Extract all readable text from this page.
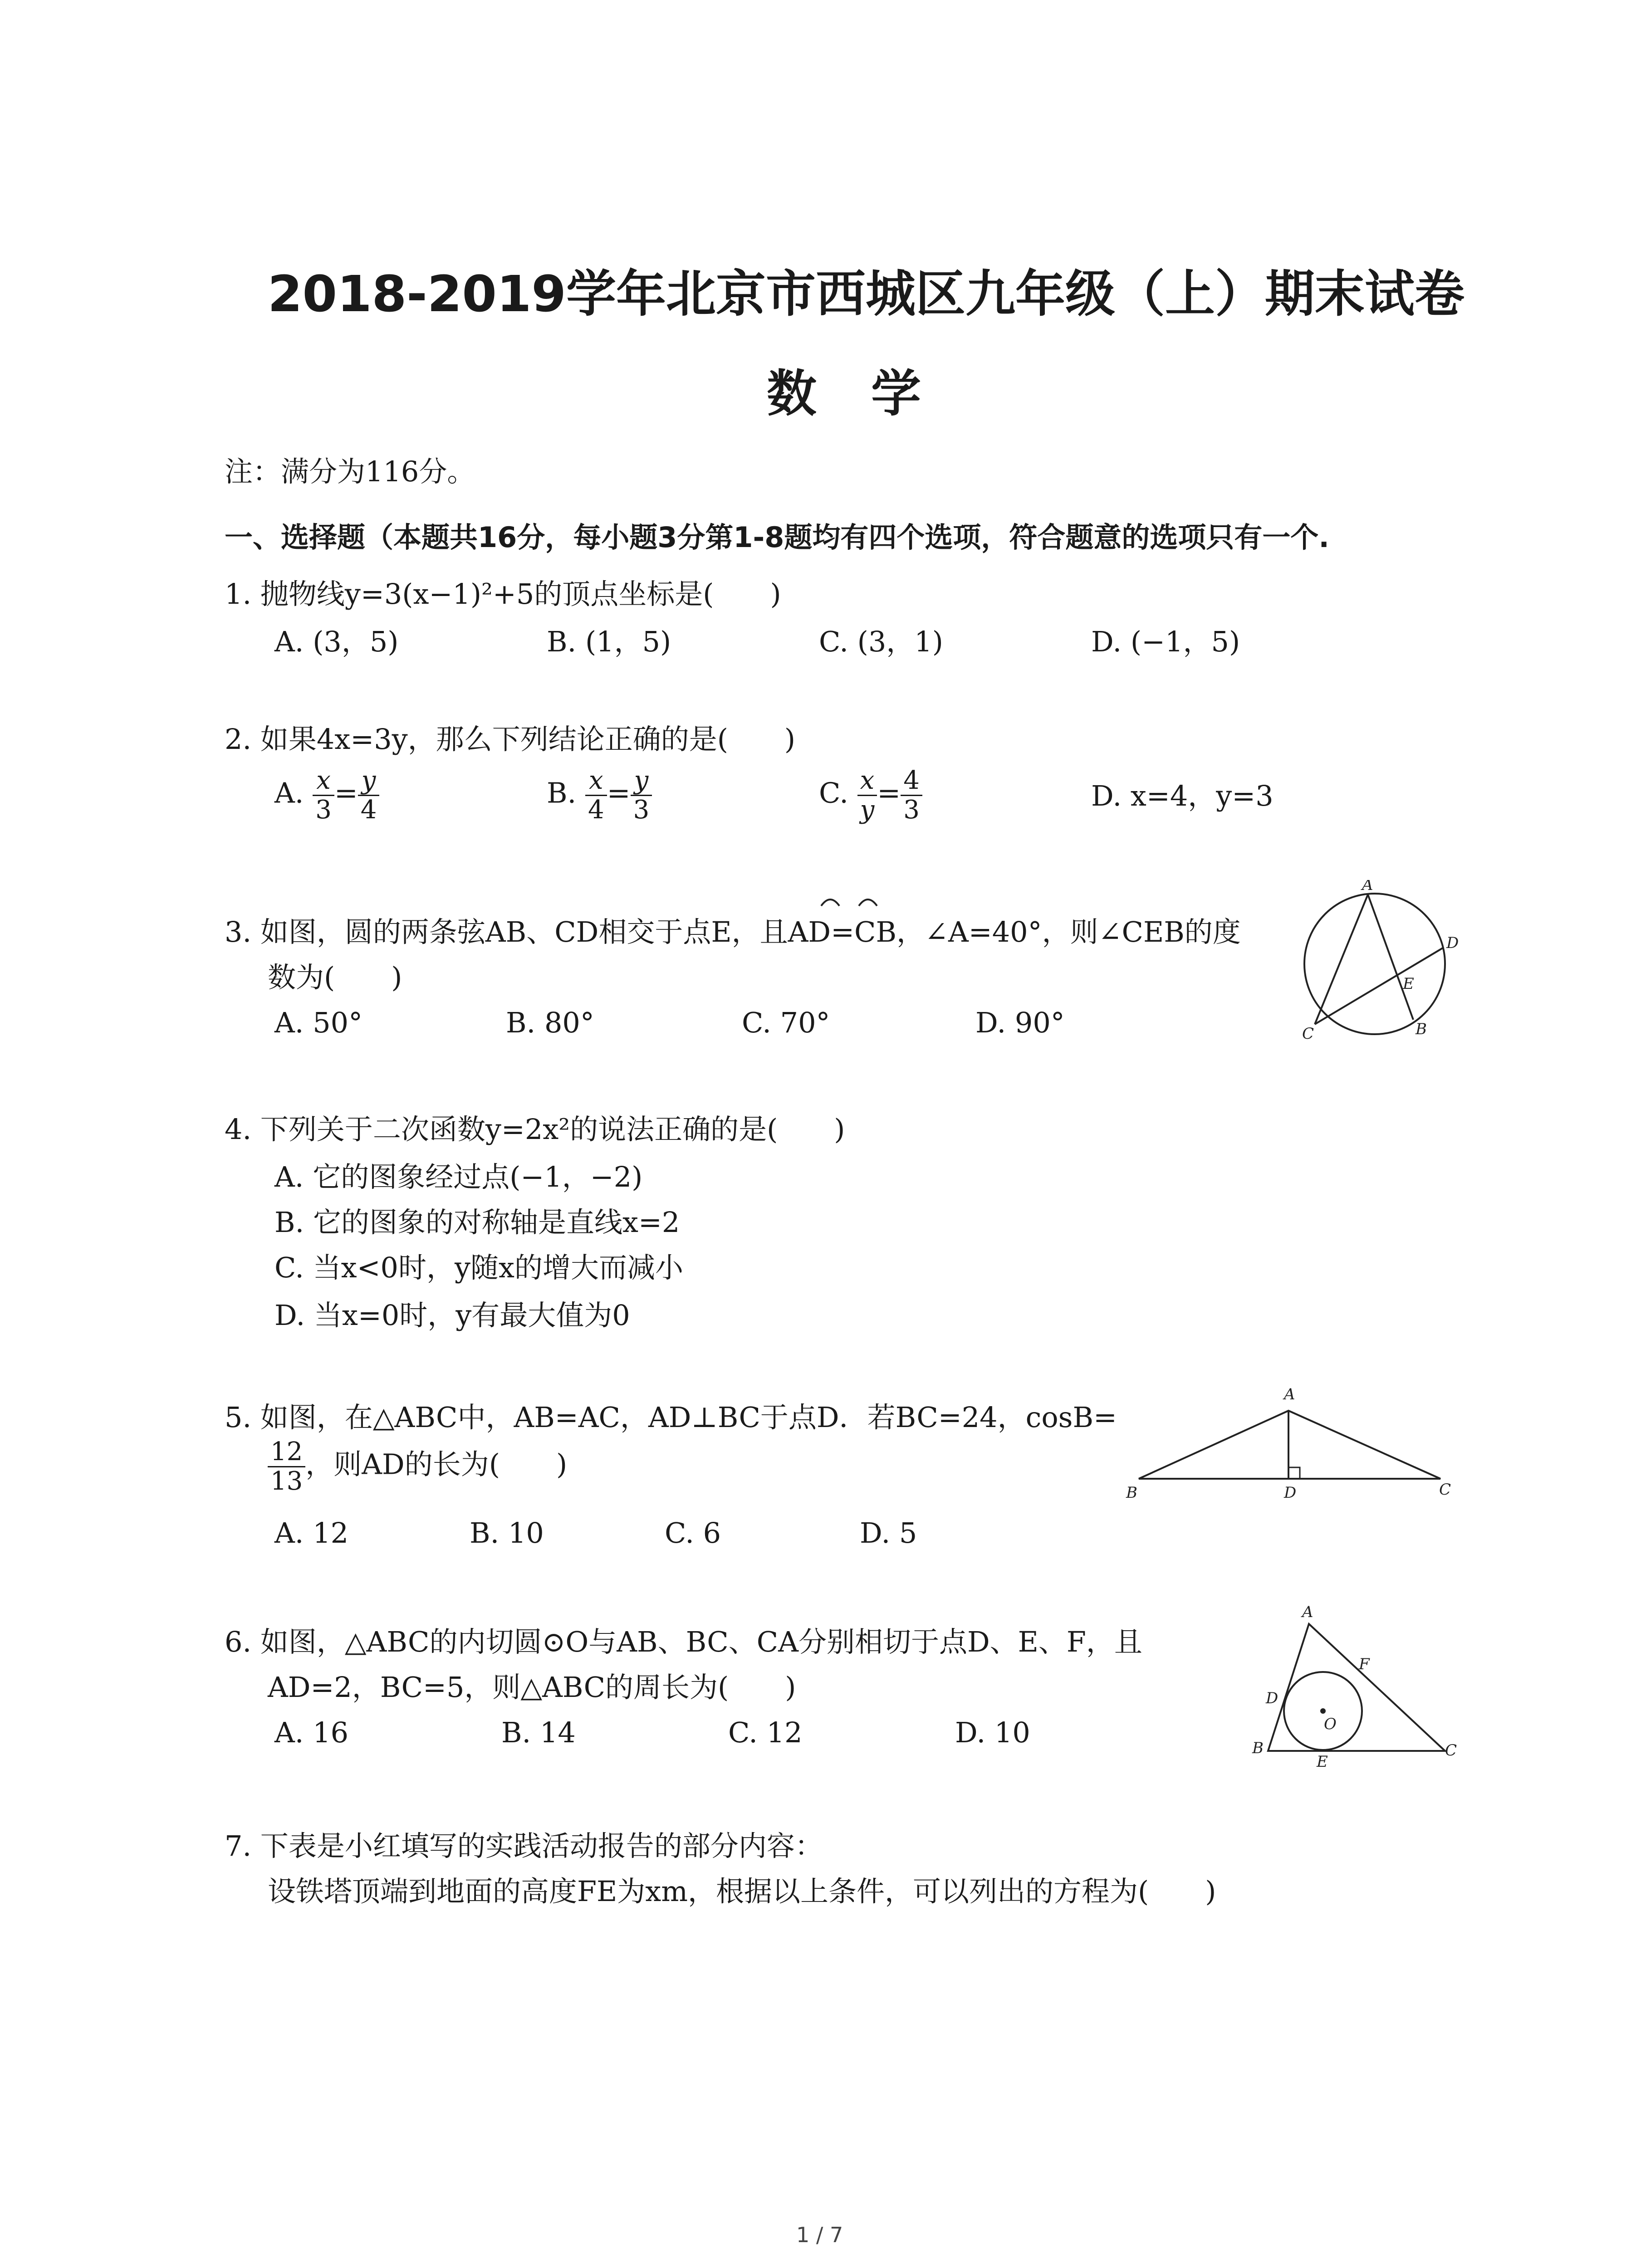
2018-2019学年北京市西城区九年级（上）期末试卷
数学
注：满分为116分。
一、选择题（本题共16分，每小题3分第1-8题均有四个选项，符合题意的选项只有一个.
1. 抛物线y=3(x−1)²+5的顶点坐标是(　　)
A. (3，5)	B. (1，5)	C. (3，1)	D. (−1，5)
2. 如果4x=3y，那么下列结论正确的是(　　)
A. $\frac{x}{3} = \frac{y}{4}$	B. $\frac{x}{4} = \frac{y}{3}$	C. $\frac{x}{y} = \frac{4}{3}$	D. x=4，y=3
3. 如图，圆的两条弦AB、CD相交于点E，且AD=CB，∠A=40°，则∠CEB的度
数为(　　)
A. 50°	B. 80°	C. 70°	D. 90°
A
B
C
D
E
4. 下列关于二次函数y=2x²的说法正确的是(　　)
A. 它的图象经过点(−1，−2)
B. 它的图象的对称轴是直线x=2
C. 当x<0时，y随x的增大而减小
D. 当x=0时，y有最大值为0
5. 如图，在△ABC中，AB=AC，AD⊥BC于点D．若BC=24，cosB=
$\frac{12}{13}$ ，则AD的长为(　　)
A. 12	B. 10	C. 6	D. 5
A
B	D	C
6. 如图，△ABC的内切圆⊙O与AB、BC、CA分别相切于点D、E、F，且
AD=2，BC=5，则△ABC的周长为(　　)
A. 16	B. 14	C. 12	D. 10
A
B	C
D
E
F
O
7. 下表是小红填写的实践活动报告的部分内容：
设铁塔顶端到地面的高度FE为xm，根据以上条件，可以列出的方程为(　　)
1 / 7
